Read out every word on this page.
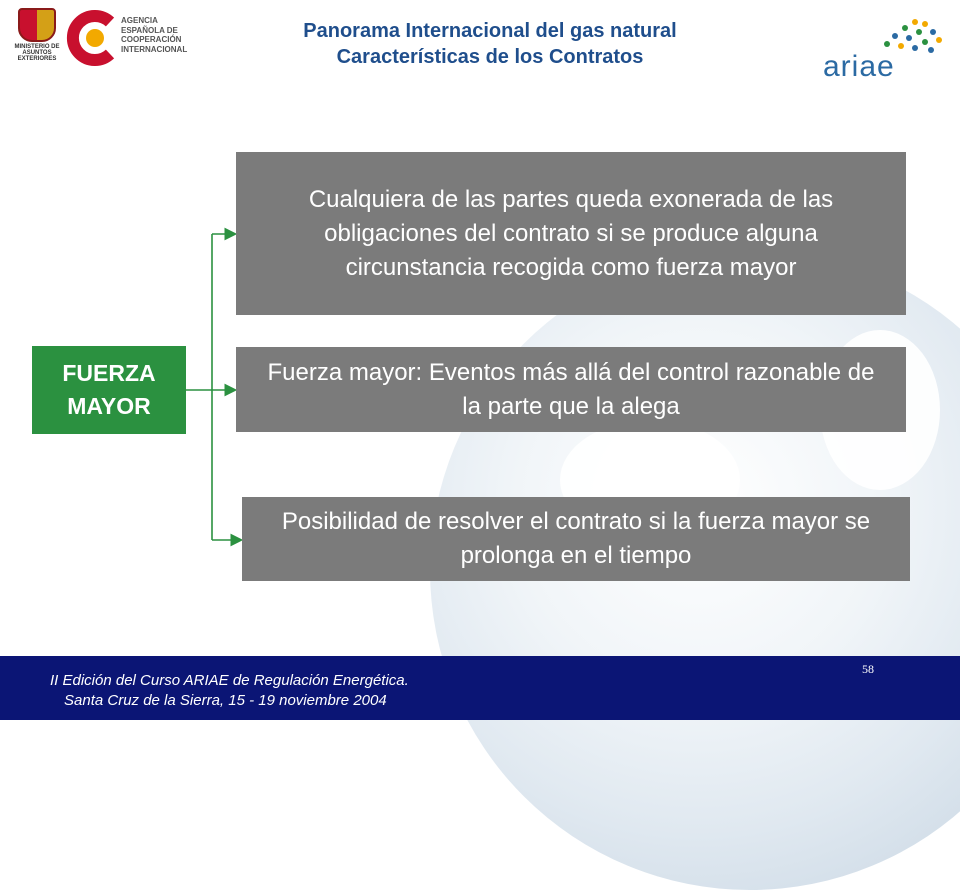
MINISTERIO DE ASUNTOS EXTERIORES
AGENCIA
ESPAÑOLA DE
COOPERACIÓN
INTERNACIONAL
Panorama Internacional del gas natural
Características de los Contratos	ariae
FUERZA MAYOR
Cualquiera de las partes queda exonerada de las obligaciones del contrato si se produce alguna circunstancia recogida como fuerza mayor
Fuerza mayor: Eventos más allá del control razonable de la parte que la alega
Posibilidad de resolver el contrato si la fuerza mayor se prolonga en el tiempo
II Edición del Curso ARIAE de Regulación Energética.
Santa Cruz de la Sierra, 15 - 19 noviembre 2004
58
